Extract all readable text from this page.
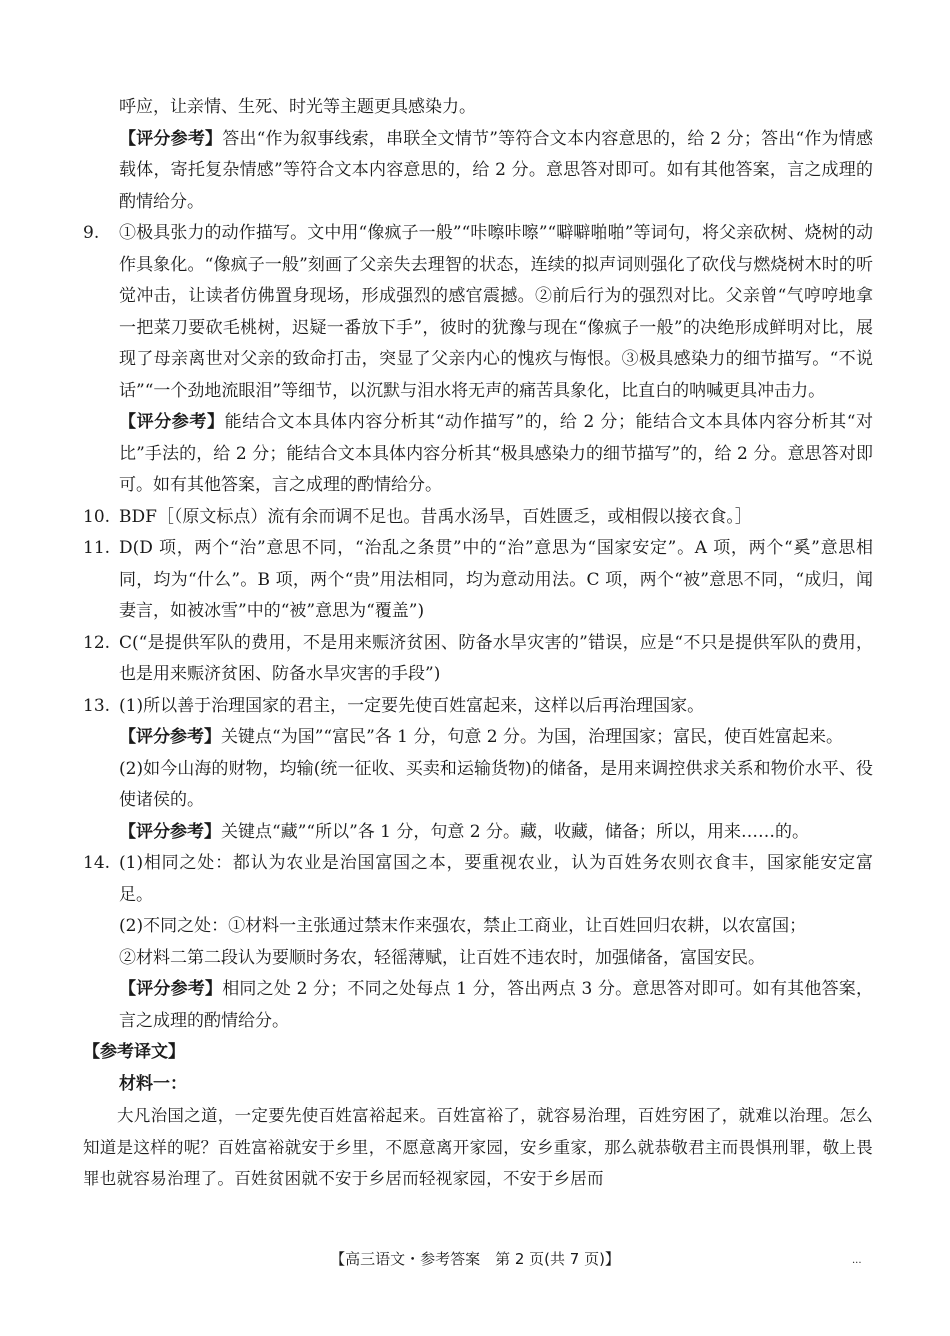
呼应，让亲情、生死、时光等主题更具感染力。

【评分参考】答出“作为叙事线索，串联全文情节”等符合文本内容意思的，给 2 分；答出“作为情感载体，寄托复杂情感”等符合文本内容意思的，给 2 分。意思答对即可。如有其他答案，言之成理的酌情给分。

9. ①极具张力的动作描写。文中用“像疯子一般”“咔嚓咔嚓”“噼噼啪啪”等词句，将父亲砍树、烧树的动作具象化。“像疯子一般”刻画了父亲失去理智的状态，连续的拟声词则强化了砍伐与燃烧树木时的听觉冲击，让读者仿佛置身现场，形成强烈的感官震撼。②前后行为的强烈对比。父亲曾“气哼哼地拿一把菜刀要砍毛桃树，迟疑一番放下手”，彼时的犹豫与现在“像疯子一般”的决绝形成鲜明对比，展现了母亲离世对父亲的致命打击，突显了父亲内心的愧疚与悔恨。③极具感染力的细节描写。“不说话”“一个劲地流眼泪”等细节，以沉默与泪水将无声的痛苦具象化，比直白的呐喊更具冲击力。

【评分参考】能结合文本具体内容分析其“动作描写”的，给 2 分；能结合文本具体内容分析其“对比”手法的，给 2 分；能结合文本具体内容分析其“极具感染力的细节描写”的，给 2 分。意思答对即可。如有其他答案，言之成理的酌情给分。

10. BDF［（原文标点）流有余而调不足也。昔禹水汤旱，百姓匮乏，或相假以接衣食。］
11. D(D 项，两个“治”意思不同，“治乱之条贯”中的“治”意思为“国家安定”。A 项，两个“奚”意思相同，均为“什么”。B 项，两个“贵”用法相同，均为意动用法。C 项，两个“被”意思不同，“成归，闻妻言，如被冰雪”中的“被”意思为“覆盖”)
12. C(“是提供军队的费用，不是用来赈济贫困、防备水旱灾害的”错误，应是“不只是提供军队的费用，也是用来赈济贫困、防备水旱灾害的手段”)
13. (1)所以善于治理国家的君主，一定要先使百姓富起来，这样以后再治理国家。

【评分参考】关键点“为国”“富民”各 1 分，句意 2 分。为国，治理国家；富民，使百姓富起来。

(2)如今山海的财物，均输(统一征收、买卖和运输货物)的储备，是用来调控供求关系和物价水平、役使诸侯的。

【评分参考】关键点“藏”“所以”各 1 分，句意 2 分。藏，收藏，储备；所以，用来……的。

14. (1)相同之处：都认为农业是治国富国之本，要重视农业，认为百姓务农则衣食丰，国家能安定富足。

(2)不同之处：①材料一主张通过禁末作来强农，禁止工商业，让百姓回归农耕，以农富国；

②材料二第二段认为要顺时务农，轻徭薄赋，让百姓不违农时，加强储备，富国安民。

【评分参考】相同之处 2 分；不同之处每点 1 分，答出两点 3 分。意思答对即可。如有其他答案，言之成理的酌情给分。

【参考译文】

材料一：

大凡治国之道，一定要先使百姓富裕起来。百姓富裕了，就容易治理，百姓穷困了，就难以治理。怎么知道是这样的呢？百姓富裕就安于乡里，不愿意离开家园，安乡重家，那么就恭敬君主而畏惧刑罪，敬上畏罪也就容易治理了。百姓贫困就不安于乡居而轻视家园，不安于乡居而

【高三语文・参考答案　第 2 页(共 7 页)】	...
